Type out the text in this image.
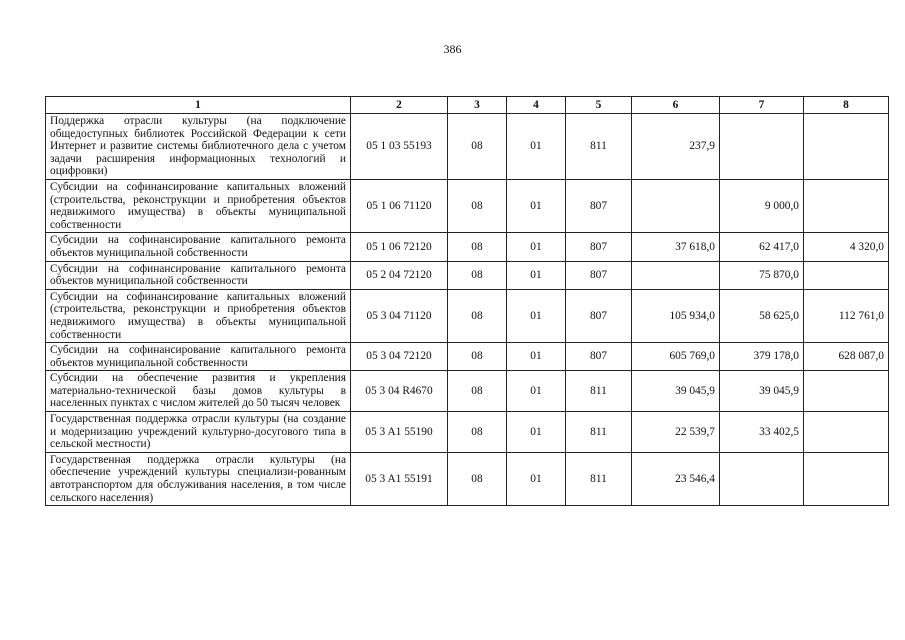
386
1	2	3	4	5	6	7	8
Поддержка отрасли культуры (на подключение общедоступных библиотек Российской Федерации к сети Интернет и развитие системы библиотечного дела с учетом задачи расширения информационных технологий и оцифровки)	05 1 03 55193	08	01	811	237,9		
Субсидии на софинансирование капитальных вложений (строительства, реконструкции и приобретения объектов недвижимого имущества) в объекты муниципальной собственности	05 1 06 71120	08	01	807		9 000,0	
Субсидии на софинансирование капитального ремонта объектов муниципальной собственности	05 1 06 72120	08	01	807	37 618,0	62 417,0	4 320,0
Субсидии на софинансирование капитального ремонта объектов муниципальной собственности	05 2 04 72120	08	01	807		75 870,0	
Субсидии на софинансирование капитальных вложений (строительства, реконструкции и приобретения объектов недвижимого имущества) в объекты муниципальной собственности	05 3 04 71120	08	01	807	105 934,0	58 625,0	112 761,0
Субсидии на софинансирование капитального ремонта объектов муниципальной собственности	05 3 04 72120	08	01	807	605 769,0	379 178,0	628 087,0
Субсидии на обеспечение развития и укрепления материально-технической базы домов культуры в населенных пунктах с числом жителей до 50 тысяч человек	05 3 04 R4670	08	01	811	39 045,9	39 045,9	
Государственная поддержка отрасли культуры (на создание и модернизацию учреждений культурно-досугового типа в сельской местности)	05 3 A1 55190	08	01	811	22 539,7	33 402,5	
Государственная поддержка отрасли культуры (на обеспечение учреждений культуры специализи-рованным автотранспортом для обслуживания населения, в том числе сельского населения)	05 3 A1 55191	08	01	811	23 546,4		
